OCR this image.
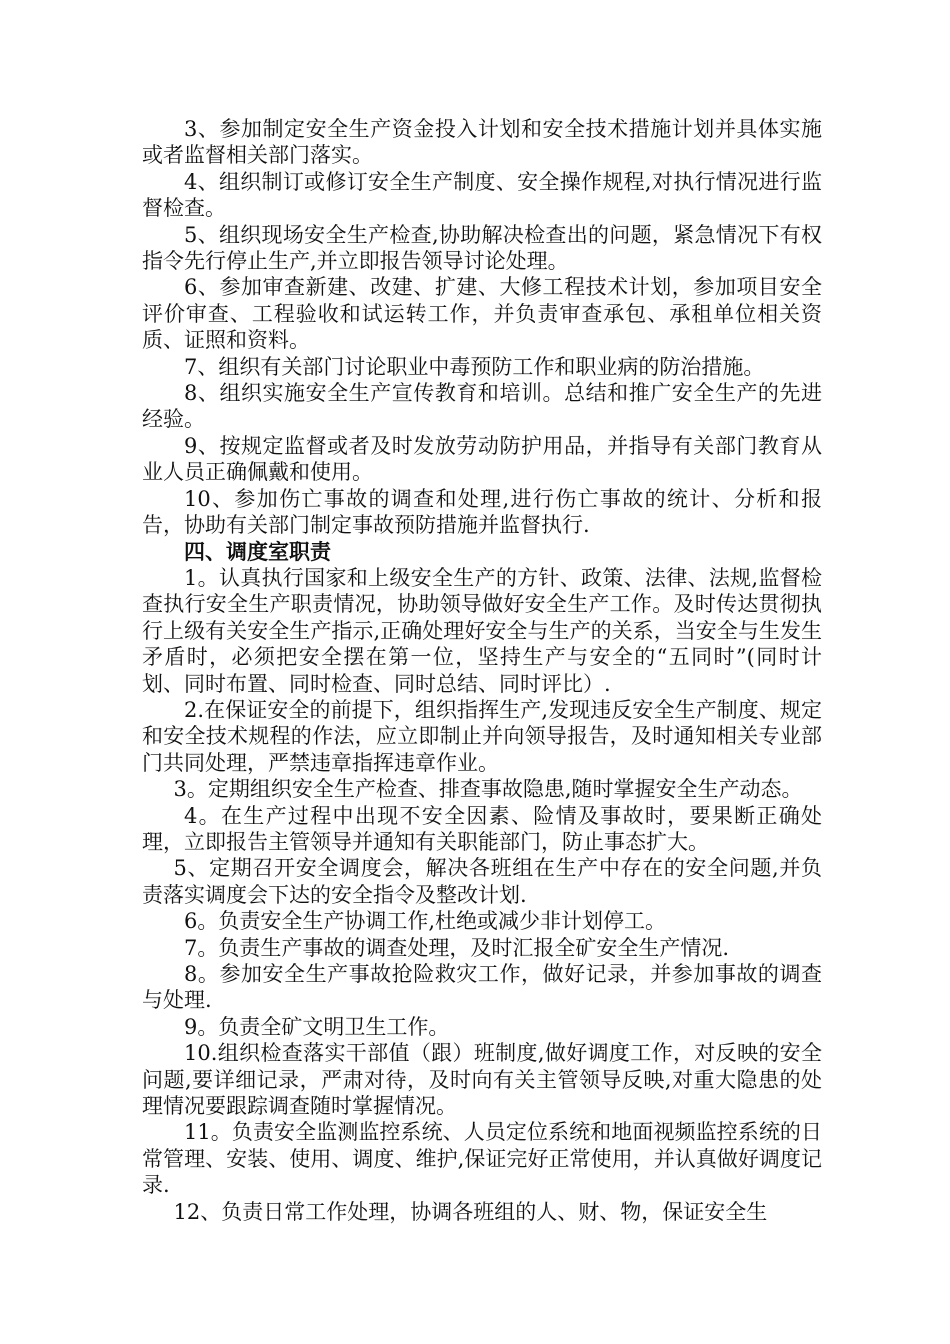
3、参加制定安全生产资金投入计划和安全技术措施计划并具体实施或者监督相关部门落实。

4、组织制订或修订安全生产制度、安全操作规程,对执行情况进行监督检查。

5、组织现场安全生产检查,协助解决检查出的问题，紧急情况下有权指令先行停止生产,并立即报告领导讨论处理。

6、参加审查新建、改建、扩建、大修工程技术计划，参加项目安全评价审查、工程验收和试运转工作，并负责审查承包、承租单位相关资质、证照和资料。

7、组织有关部门讨论职业中毒预防工作和职业病的防治措施。

8、组织实施安全生产宣传教育和培训。总结和推广安全生产的先进经验。

9、按规定监督或者及时发放劳动防护用品，并指导有关部门教育从业人员正确佩戴和使用。

10、参加伤亡事故的调查和处理,进行伤亡事故的统计、分析和报告，协助有关部门制定事故预防措施并监督执行.

四、调度室职责

1。认真执行国家和上级安全生产的方针、政策、法律、法规,监督检查执行安全生产职责情况，协助领导做好安全生产工作。及时传达贯彻执行上级有关安全生产指示,正确处理好安全与生产的关系，当安全与生发生矛盾时，必须把安全摆在第一位，坚持生产与安全的“五同时”(同时计划、同时布置、同时检查、同时总结、同时评比）.

2.在保证安全的前提下，组织指挥生产,发现违反安全生产制度、规定和安全技术规程的作法，应立即制止并向领导报告，及时通知相关专业部门共同处理，严禁违章指挥违章作业。

3。定期组织安全生产检查、排查事故隐患,随时掌握安全生产动态。

4。在生产过程中出现不安全因素、险情及事故时，要果断正确处理，立即报告主管领导并通知有关职能部门，防止事态扩大。

5、定期召开安全调度会，解决各班组在生产中存在的安全问题,并负责落实调度会下达的安全指令及整改计划.

6。负责安全生产协调工作,杜绝或减少非计划停工。

7。负责生产事故的调查处理，及时汇报全矿安全生产情况.

8。参加安全生产事故抢险救灾工作，做好记录，并参加事故的调查与处理.

9。负责全矿文明卫生工作。

10.组织检查落实干部值（跟）班制度,做好调度工作，对反映的安全问题,要详细记录，严肃对待，及时向有关主管领导反映,对重大隐患的处理情况要跟踪调查随时掌握情况。

11。负责安全监测监控系统、人员定位系统和地面视频监控系统的日常管理、安装、使用、调度、维护,保证完好正常使用，并认真做好调度记录.

12、负责日常工作处理，协调各班组的人、财、物，保证安全生
